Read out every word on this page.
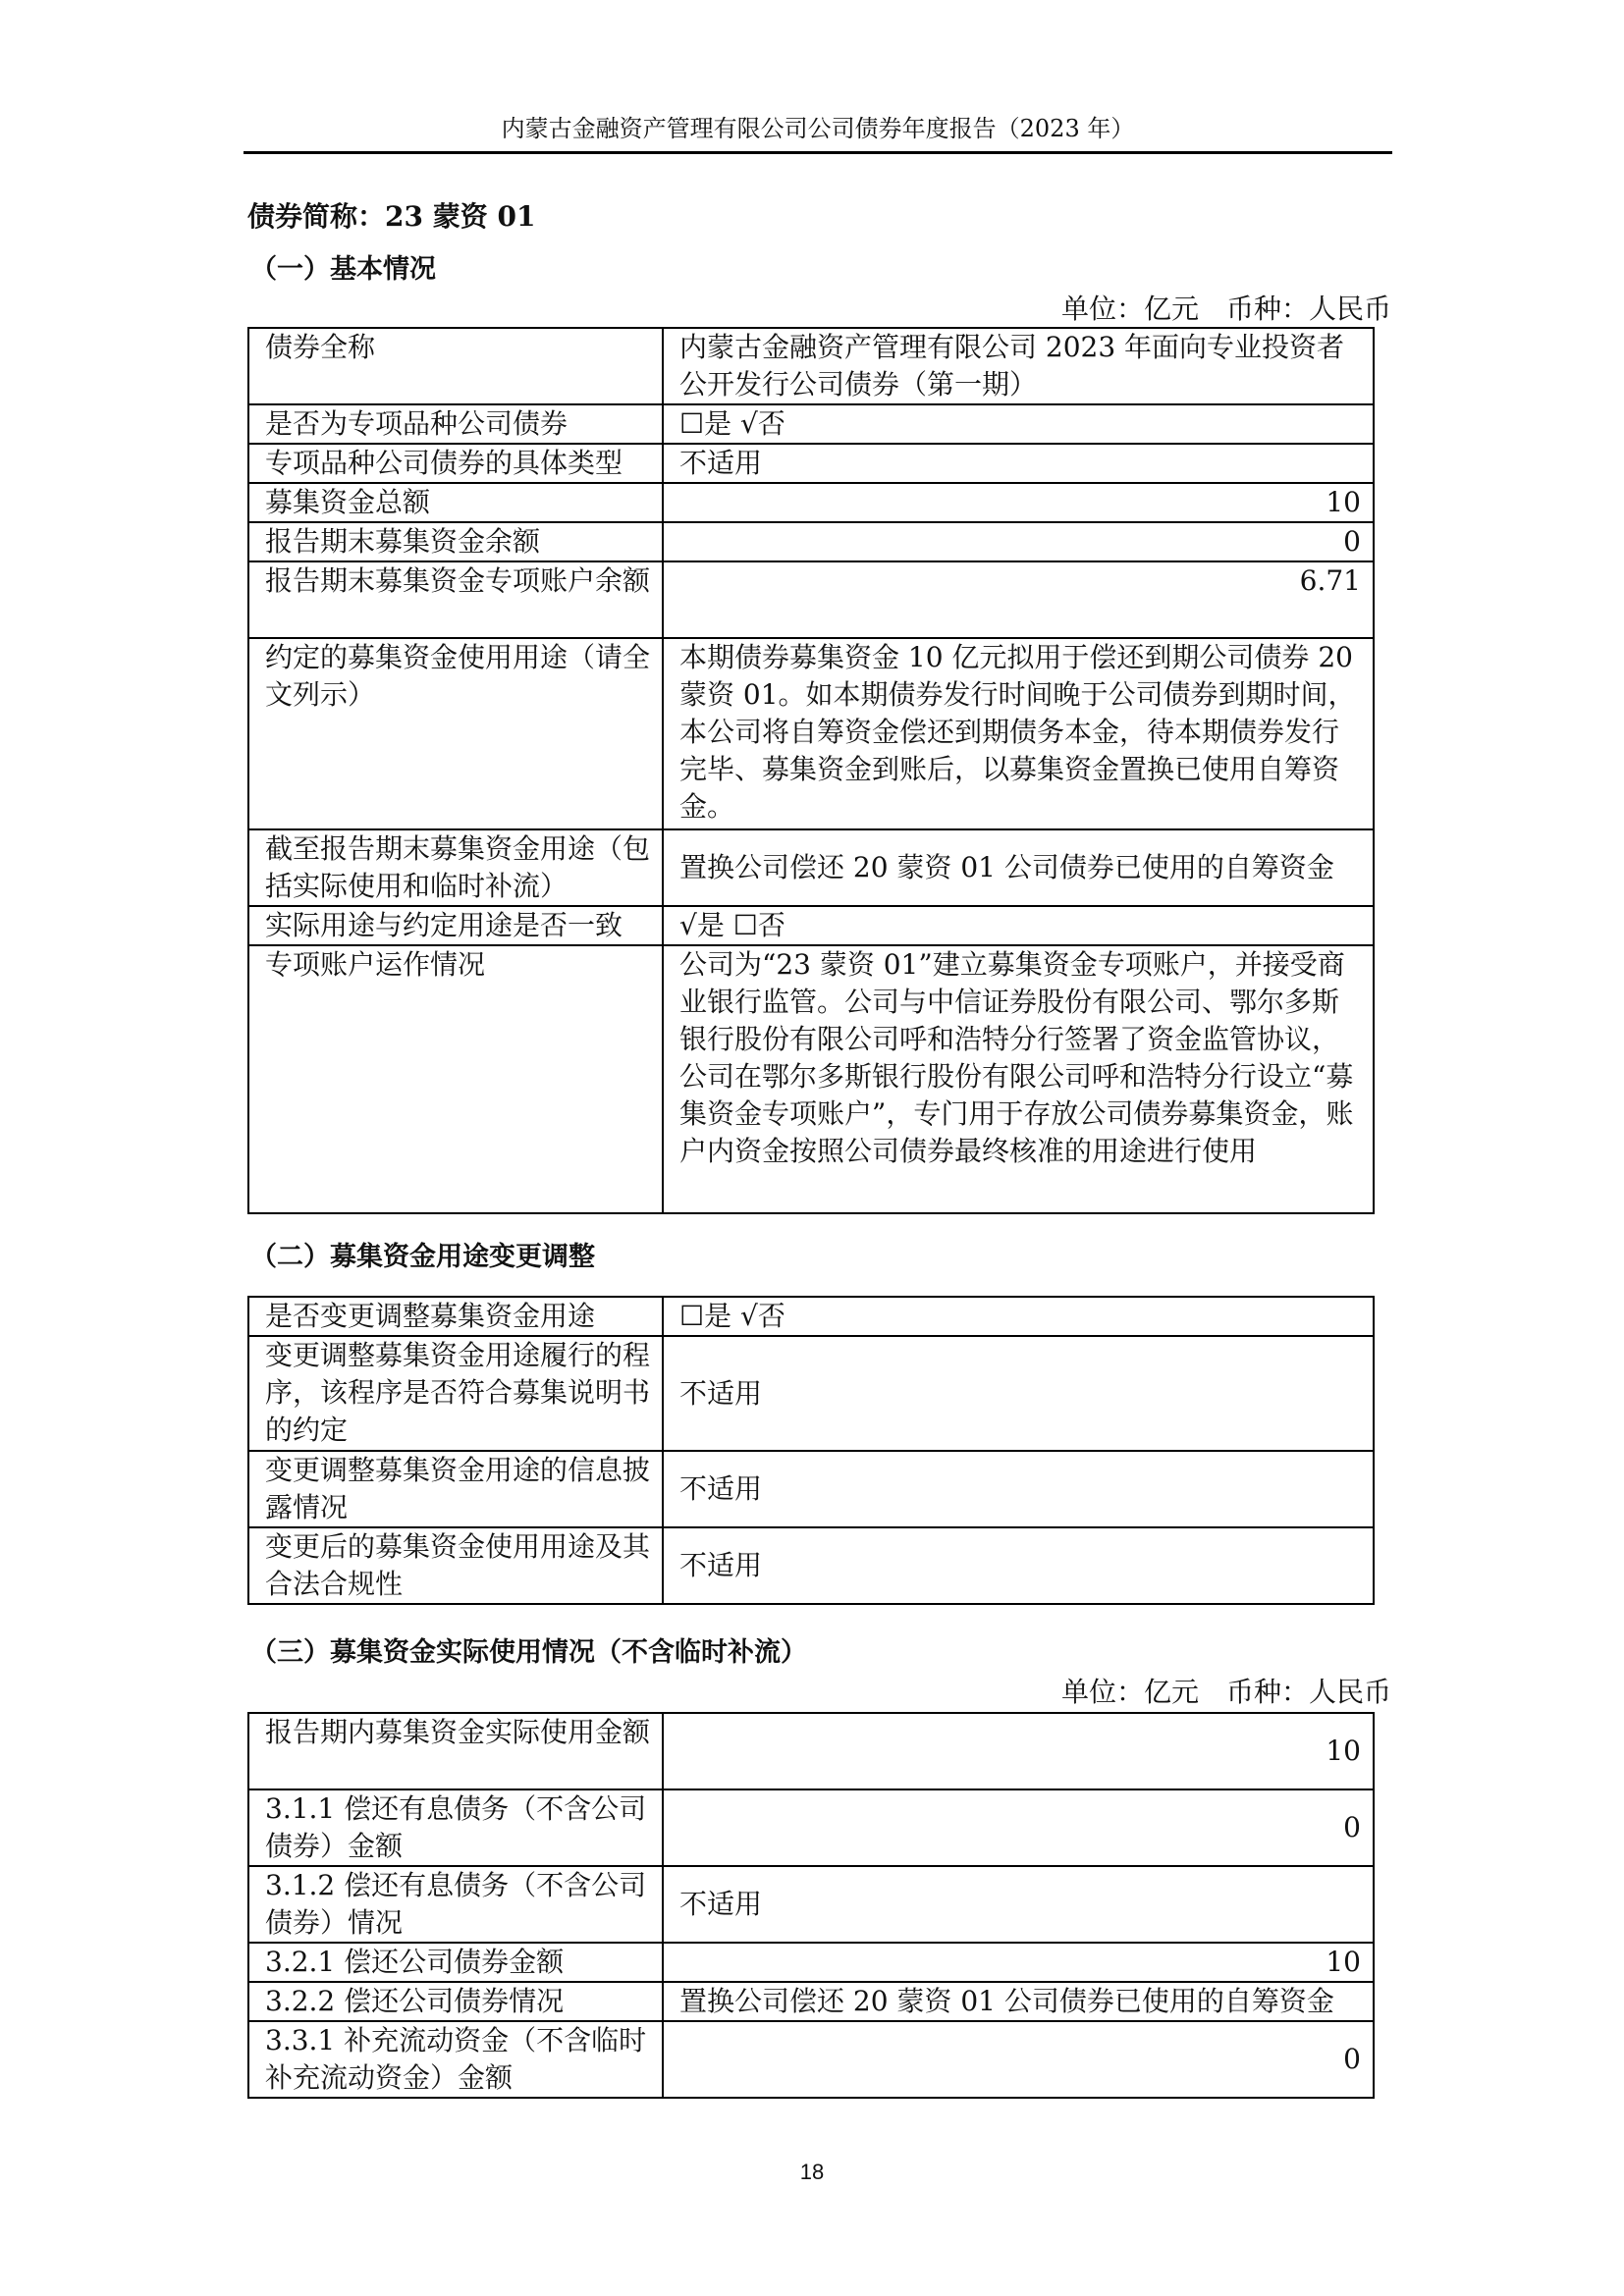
内蒙古金融资产管理有限公司公司债券年度报告（2023 年）
债券简称：23 蒙资 01
（一）基本情况
单位：亿元　币种：人民币
债券全称	内蒙古金融资产管理有限公司 2023 年面向专业投资者公开发行公司债券（第一期）
是否为专项品种公司债券	☐是 √否
专项品种公司债券的具体类型	不适用
募集资金总额	10
报告期末募集资金余额	0
报告期末募集资金专项账户余额	6.71
约定的募集资金使用用途（请全文列示）	本期债券募集资金 10 亿元拟用于偿还到期公司债券 20 蒙资 01。如本期债券发行时间晚于公司债券到期时间，本公司将自筹资金偿还到期债务本金，待本期债券发行完毕、募集资金到账后，以募集资金置换已使用自筹资金。
截至报告期末募集资金用途（包括实际使用和临时补流）	置换公司偿还 20 蒙资 01 公司债券已使用的自筹资金
实际用途与约定用途是否一致	√是 ☐否
专项账户运作情况	公司为“23 蒙资 01”建立募集资金专项账户，并接受商业银行监管。公司与中信证券股份有限公司、鄂尔多斯银行股份有限公司呼和浩特分行签署了资金监管协议，公司在鄂尔多斯银行股份有限公司呼和浩特分行设立“募集资金专项账户”，专门用于存放公司债券募集资金，账户内资金按照公司债券最终核准的用途进行使用
（二）募集资金用途变更调整
是否变更调整募集资金用途	☐是 √否
变更调整募集资金用途履行的程序，该程序是否符合募集说明书的约定	不适用
变更调整募集资金用途的信息披露情况	不适用
变更后的募集资金使用用途及其合法合规性	不适用
（三）募集资金实际使用情况（不含临时补流）
单位：亿元　币种：人民币
报告期内募集资金实际使用金额	10
3.1.1 偿还有息债务（不含公司债券）金额	0
3.1.2 偿还有息债务（不含公司债券）情况	不适用
3.2.1 偿还公司债券金额	10
3.2.2 偿还公司债券情况	置换公司偿还 20 蒙资 01 公司债券已使用的自筹资金
3.3.1 补充流动资金（不含临时补充流动资金）金额	0
18
